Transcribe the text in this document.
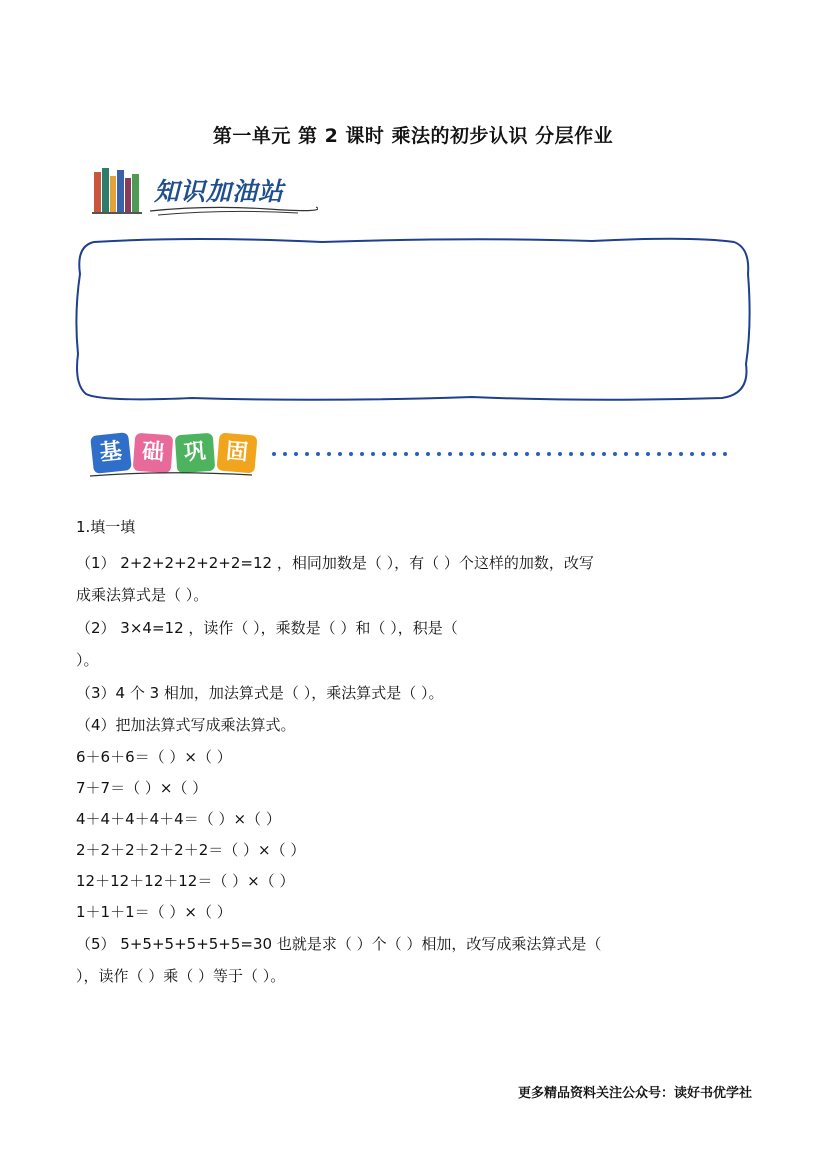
第一单元 第 2 课时 乘法的初步认识 分层作业
知识加油站
基 础 巩 固
1.填一填
（1） 2+2+2+2+2+2=12 ，相同加数是（ ），有（ ）个这样的加数，改写
成乘法算式是（ ）。
（2） 3×4=12 ，读作（ ），乘数是（ ）和（ ），积是（
）。
（3）4 个 3 相加，加法算式是（ ），乘法算式是（ ）。
（4）把加法算式写成乘法算式。
6＋6＋6＝（ ）×（ ）
7＋7＝（ ）×（ ）
4＋4＋4＋4＋4＝（ ）×（ ）
2＋2＋2＋2＋2＋2＝（ ）×（ ）
12＋12＋12＋12＝（ ）×（ ）
1＋1＋1＝（ ）×（ ）
（5） 5+5+5+5+5+5=30 也就是求（ ）个（ ）相加，改写成乘法算式是（
），读作（ ）乘（ ）等于（ ）。
更多精品资料关注公众号：读好书优学社
